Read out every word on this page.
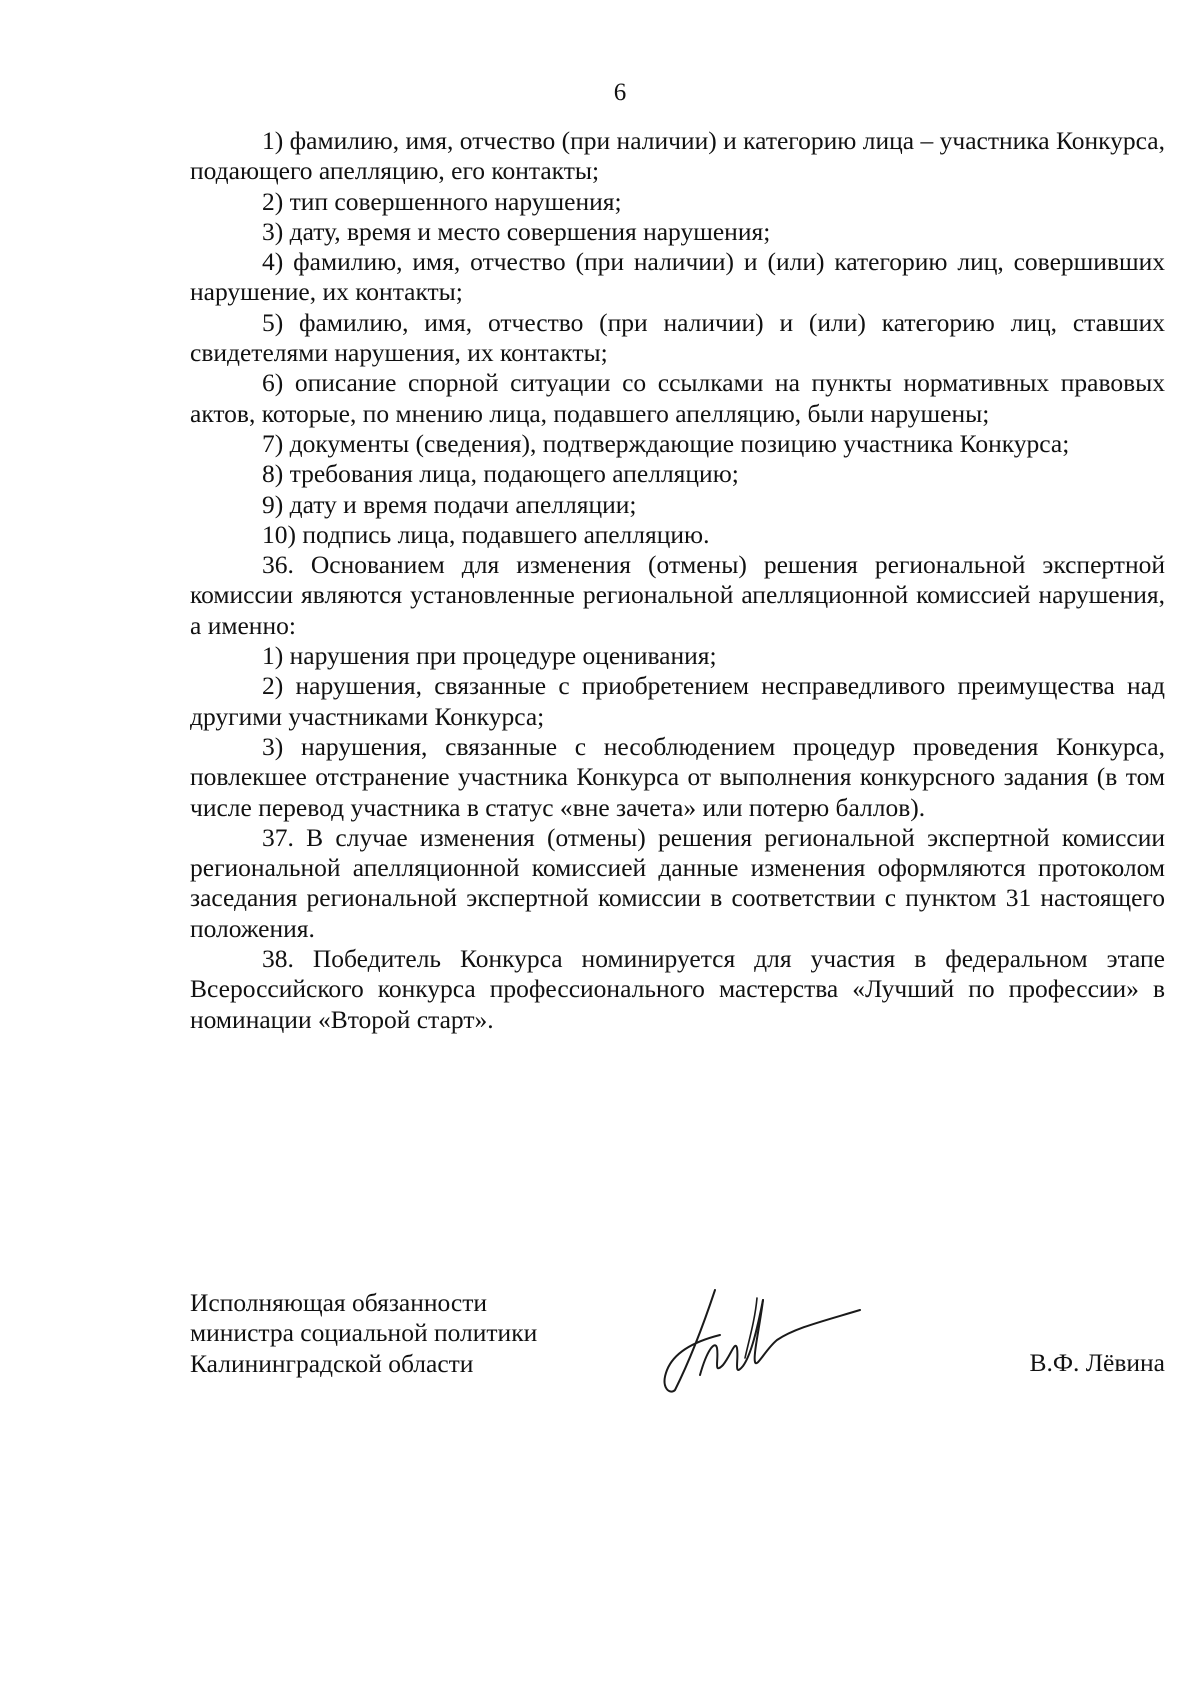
6

1) фамилию, имя, отчество (при наличии) и категорию лица – участника Конкурса, подающего апелляцию, его контакты;

2) тип совершенного нарушения;

3) дату, время и место совершения нарушения;

4) фамилию, имя, отчество (при наличии) и (или) категорию лиц, совершивших нарушение, их контакты;

5) фамилию, имя, отчество (при наличии) и (или) категорию лиц, ставших свидетелями нарушения, их контакты;

6) описание спорной ситуации со ссылками на пункты нормативных правовых актов, которые, по мнению лица, подавшего апелляцию, были нарушены;

7) документы (сведения), подтверждающие позицию участника Конкурса;

8) требования лица, подающего апелляцию;

9) дату и время подачи апелляции;

10) подпись лица, подавшего апелляцию.

36. Основанием для изменения (отмены) решения региональной экспертной комиссии являются установленные региональной апелляционной комиссией нарушения, а именно:

1) нарушения при процедуре оценивания;

2) нарушения, связанные с приобретением несправедливого преимущества над другими участниками Конкурса;

3) нарушения, связанные с несоблюдением процедур проведения Конкурса, повлекшее отстранение участника Конкурса от выполнения конкурсного задания (в том числе перевод участника в статус «вне зачета» или потерю баллов).

37. В случае изменения (отмены) решения региональной экспертной комиссии региональной апелляционной комиссией данные изменения оформляются протоколом заседания региональной экспертной комиссии в соответствии с пунктом 31 настоящего положения.

38. Победитель Конкурса номинируется для участия в федеральном этапе Всероссийского конкурса профессионального мастерства «Лучший по профессии» в номинации «Второй старт».

Исполняющая обязанности
министра социальной политики
Калининградской области	В.Ф. Лёвина
